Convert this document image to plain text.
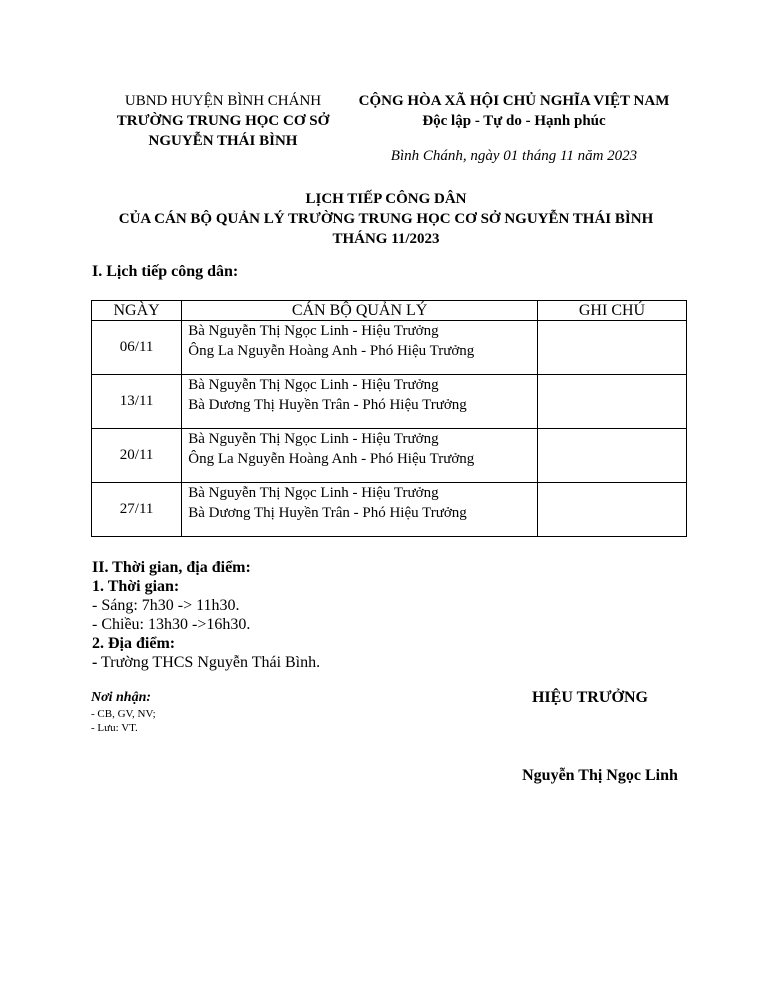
UBND HUYỆN BÌNH CHÁNH
TRƯỜNG TRUNG HỌC CƠ SỞ
NGUYỄN THÁI BÌNH
CỘNG HÒA XÃ HỘI CHỦ NGHĨA VIỆT NAM
Độc lập - Tự do - Hạnh phúc
Bình Chánh, ngày 01 tháng 11 năm 2023
LỊCH TIẾP CÔNG DÂN
CỦA CÁN BỘ QUẢN LÝ TRƯỜNG TRUNG HỌC CƠ SỞ NGUYỄN THÁI BÌNH
THÁNG 11/2023
I. Lịch tiếp công dân:
NGÀY	CÁN BỘ QUẢN LÝ	GHI CHÚ
06/11	Bà Nguyễn Thị Ngọc Linh - Hiệu Trưởng
Ông La Nguyễn Hoàng Anh - Phó Hiệu Trưởng	

13/11	Bà Nguyễn Thị Ngọc Linh - Hiệu Trưởng
Bà Dương Thị Huyền Trân - Phó Hiệu Trưởng	

20/11	Bà Nguyễn Thị Ngọc Linh - Hiệu Trưởng
Ông La Nguyễn Hoàng Anh - Phó Hiệu Trưởng	

27/11	Bà Nguyễn Thị Ngọc Linh - Hiệu Trưởng
Bà Dương Thị Huyền Trân - Phó Hiệu Trưởng	

II. Thời gian, địa điểm:
1. Thời gian:
- Sáng: 7h30 -> 11h30.
- Chiều: 13h30 ->16h30.
2. Địa điểm:
- Trường THCS Nguyễn Thái Bình.
Nơi nhận:
- CB, GV, NV;
- Lưu: VT.
HIỆU TRƯỞNG
Nguyễn Thị Ngọc Linh
